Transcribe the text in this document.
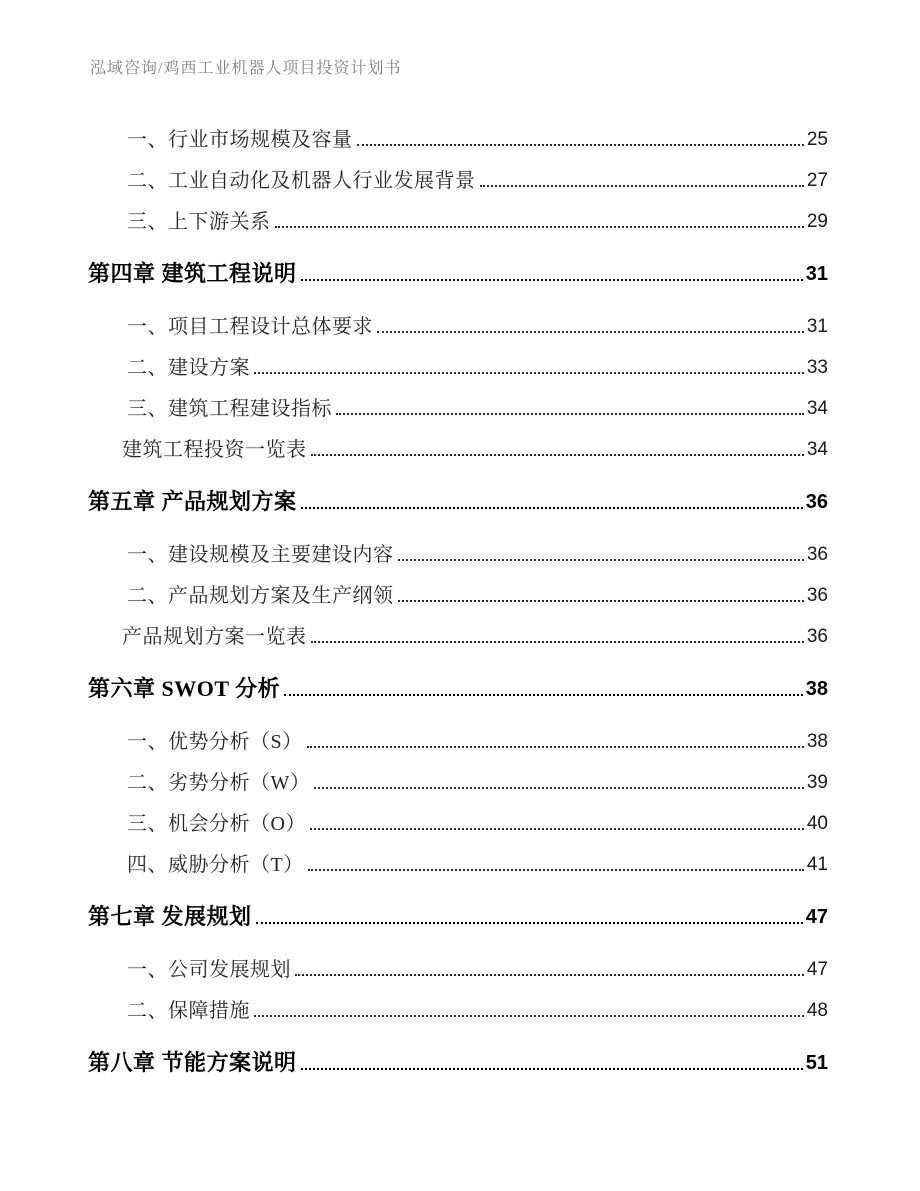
泓域咨询/鸡西工业机器人项目投资计划书
一、行业市场规模及容量	25
二、工业自动化及机器人行业发展背景	27
三、上下游关系	29
第四章 建筑工程说明	31
一、项目工程设计总体要求	31
二、建设方案	33
三、建筑工程建设指标	34
建筑工程投资一览表	34
第五章 产品规划方案	36
一、建设规模及主要建设内容	36
二、产品规划方案及生产纲领	36
产品规划方案一览表	36
第六章 SWOT 分析	38
一、优势分析（S）	38
二、劣势分析（W）	39
三、机会分析（O）	40
四、威胁分析（T）	41
第七章 发展规划	47
一、公司发展规划	47
二、保障措施	48
第八章 节能方案说明	51
